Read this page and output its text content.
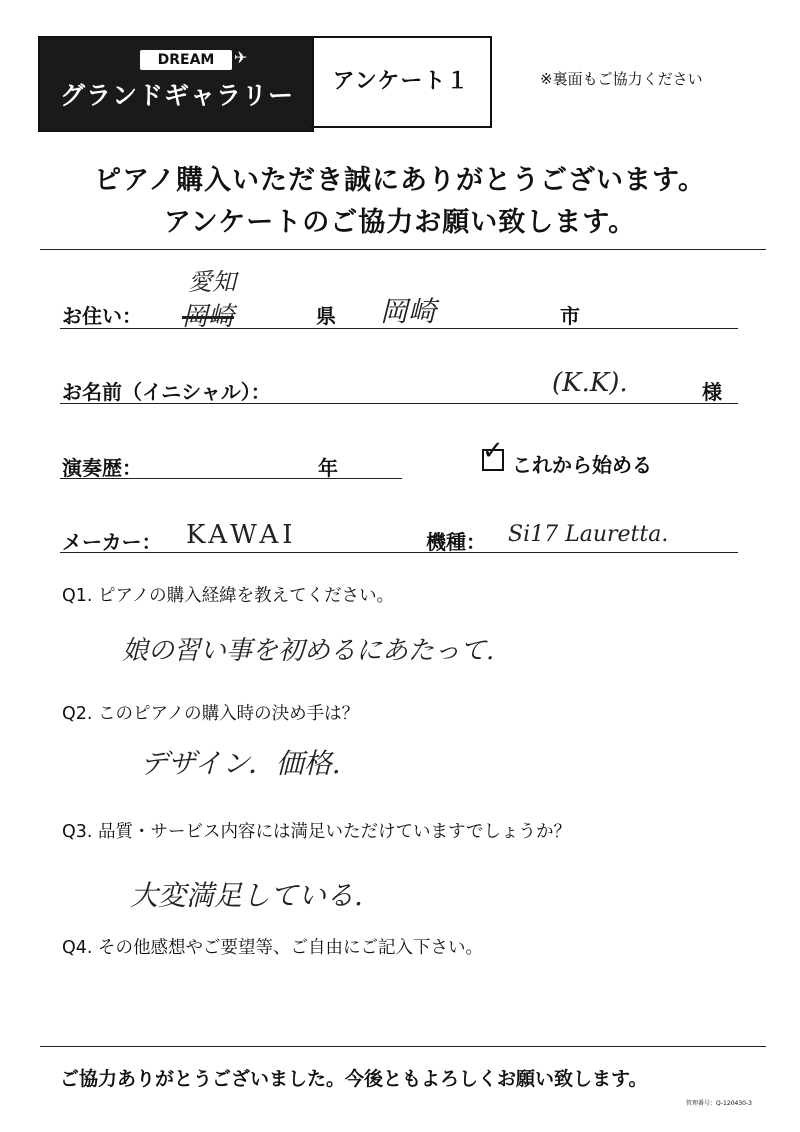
DREAM	✈
グランドギャラリー	アンケート１	※裏面もご協力ください
ピアノ購入いただき誠にありがとうございます。
アンケートのご協力お願い致します。
お住い：
愛知
岡崎	県 岡崎	市
お名前（イニシャル）：	(K.K).	様
演奏歴：	年
✓ これから始める
メーカー： KAWAI	機種： Si17 Lauretta.
Q1. ピアノの購入経緯を教えてください。
娘の習い事を初めるにあたって.
Q2. このピアノの購入時の決め手は？
デザイン．価格.
Q3. 品質・サービス内容には満足いただけていますでしょうか？
大変満足している.
Q4. その他感想やご要望等、ご自由にご記入下さい。
ご協力ありがとうございました。今後ともよろしくお願い致します。
管理番号：Q-120430-3
